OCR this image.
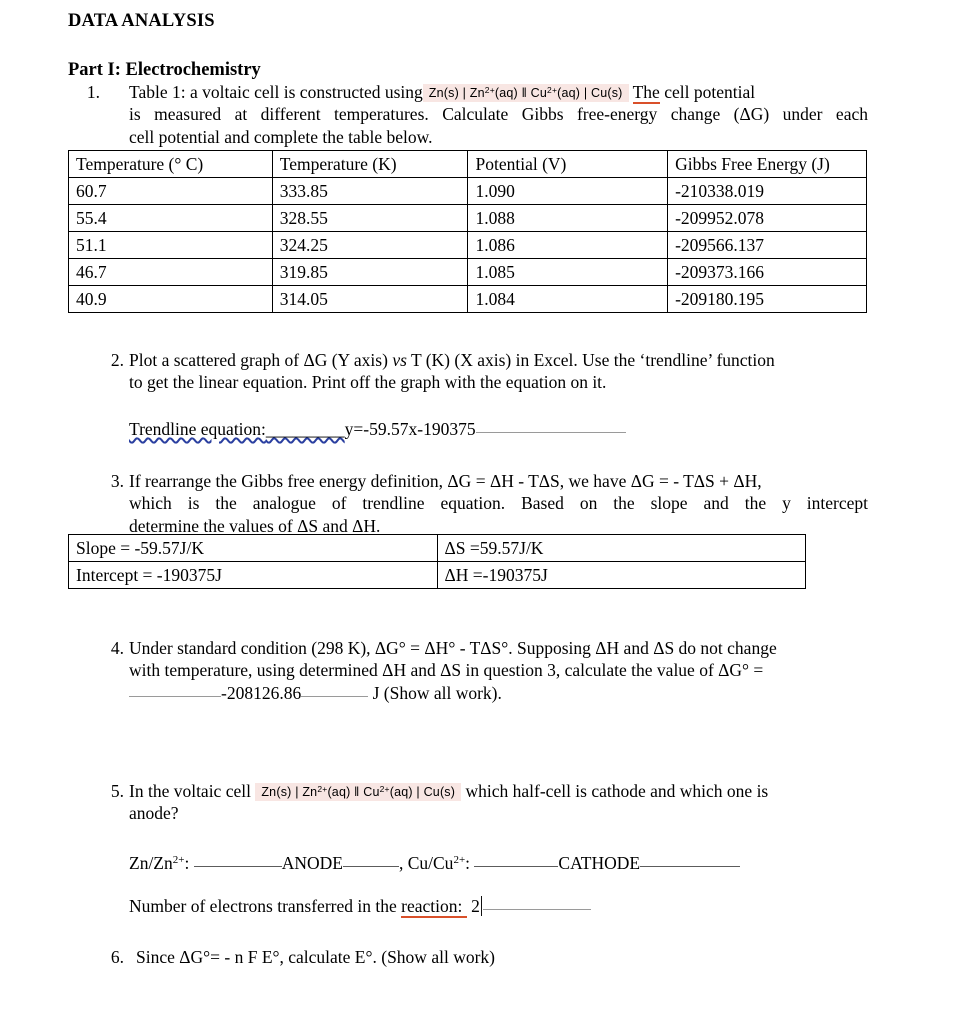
DATA ANALYSIS
Part I: Electrochemistry
1. Table 1: a voltaic cell is constructed using Zn(s) | $Zn^{2+}(aq)$ ‖ $Cu^{2+}(aq)$ | Cu(s) The cell potential
is measured at different temperatures. Calculate Gibbs free-energy change (ΔG) under each
cell potential and complete the table below.
Temperature (° C)	Temperature (K)	Potential (V)	Gibbs Free Energy (J)
60.7	333.85	1.090	-210338.019
55.4	328.55	1.088	-209952.078
51.1	324.25	1.086	-209566.137
46.7	319.85	1.085	-209373.166
40.9	314.05	1.084	-209180.195
2. Plot a scattered graph of ΔG (Y axis) vs T (K) (X axis) in Excel. Use the ‘trendline’ function
to get the linear equation. Print off the graph with the equation on it.
Trendline equation:_________y=-59.57x-190375
3. If rearrange the Gibbs free energy definition, ΔG = ΔH - TΔS, we have ΔG = - TΔS + ΔH,
which is the analogue of trendline equation. Based on the slope and the y intercept
determine the values of ΔS and ΔH.
Slope = -59.57J/K	ΔS =59.57J/K
Intercept = -190375J	ΔH =-190375J
4. Under standard condition (298 K), ΔG° = ΔH° - TΔS°. Supposing ΔH and ΔS do not change
with temperature, using determined ΔH and ΔS in question 3, calculate the value of ΔG° =
-208126.86	J (Show all work).
5. In the voltaic cell Zn(s) | $Zn^{2+}(aq)$ ‖ $Cu^{2+}(aq)$ | Cu(s) which half-cell is cathode and which one is
anode?
$Zn/Zn^{2+}$:	ANODE	, $Cu/Cu^{2+}$:	CATHODE
Number of electrons transferred in the reaction: 2
6. Since ΔG°= - n F E°, calculate E°. (Show all work)
